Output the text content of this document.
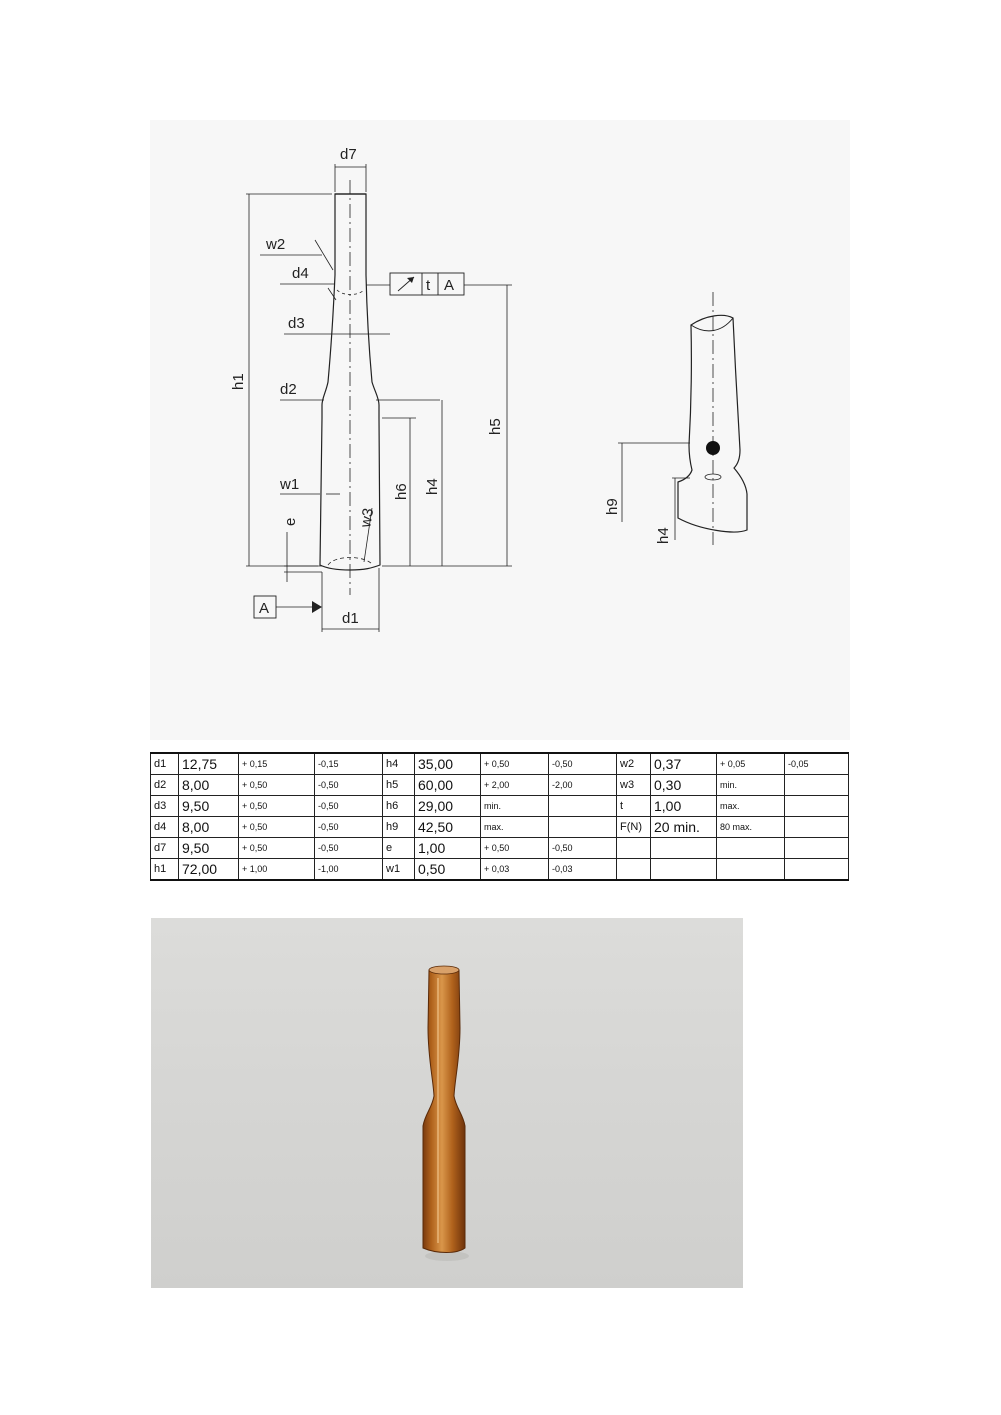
d7
h1
w2
d4
d3
d2
t A
h5
h4
h6
w1
w3
e
A
d1
h9
h4
d1	12,75	+ 0,15	-0,15	h4	35,00	+ 0,50	-0,50	w2	0,37	+ 0,05	-0,05
d2	8,00	+ 0,50	-0,50	h5	60,00	+ 2,00	-2,00	w3	0,30	min.	
d3	9,50	+ 0,50	-0,50	h6	29,00	min.		t	1,00	max.	
d4	8,00	+ 0,50	-0,50	h9	42,50	max.		F(N)	20 min.	80 max.	
d7	9,50	+ 0,50	-0,50	e	1,00	+ 0,50	-0,50				
h1	72,00	+ 1,00	-1,00	w1	0,50	+ 0,03	-0,03				
